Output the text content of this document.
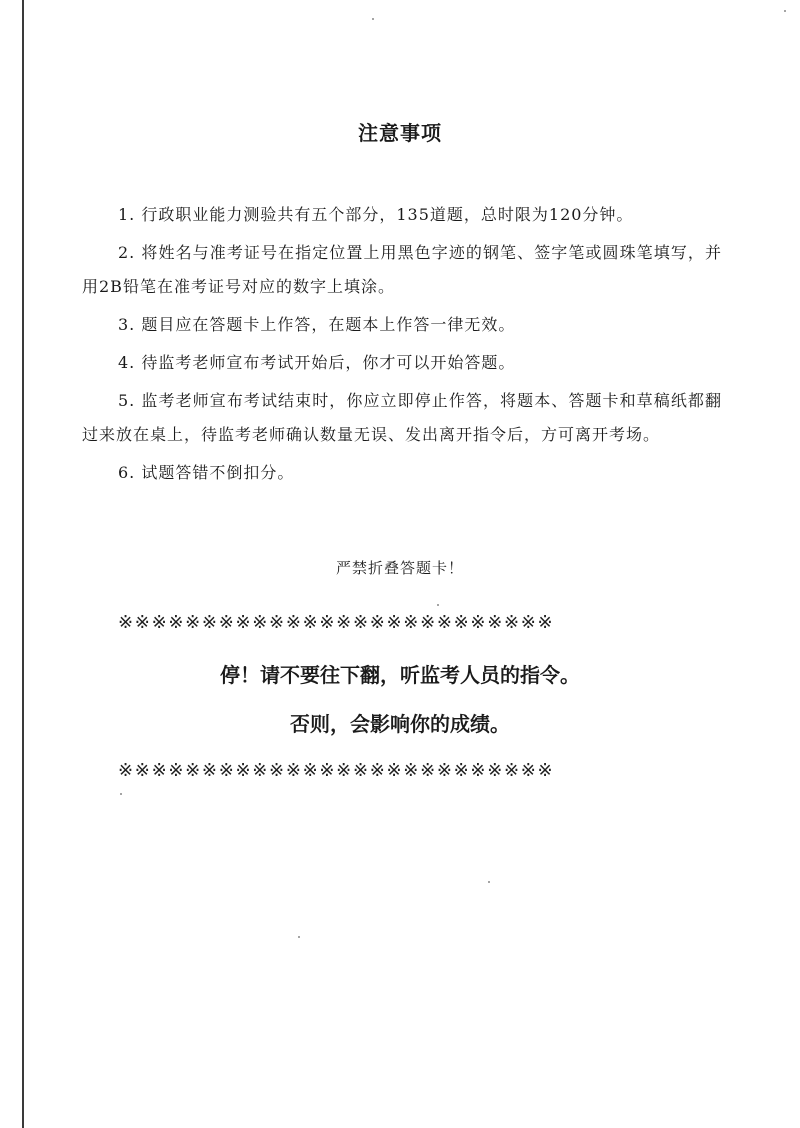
注意事项

1. 行政职业能力测验共有五个部分，135道题，总时限为120分钟。

2. 将姓名与准考证号在指定位置上用黑色字迹的钢笔、签字笔或圆珠笔填写，并用2B铅笔在准考证号对应的数字上填涂。

3. 题目应在答题卡上作答，在题本上作答一律无效。

4. 待监考老师宣布考试开始后，你才可以开始答题。

5. 监考老师宣布考试结束时，你应立即停止作答，将题本、答题卡和草稿纸都翻过来放在桌上，待监考老师确认数量无误、发出离开指令后，方可离开考场。

6. 试题答错不倒扣分。

严禁折叠答题卡！
※※※※※※※※※※※※※※※※※※※※※※※※※※
停！请不要往下翻，听监考人员的指令。
否则，会影响你的成绩。
※※※※※※※※※※※※※※※※※※※※※※※※※※
